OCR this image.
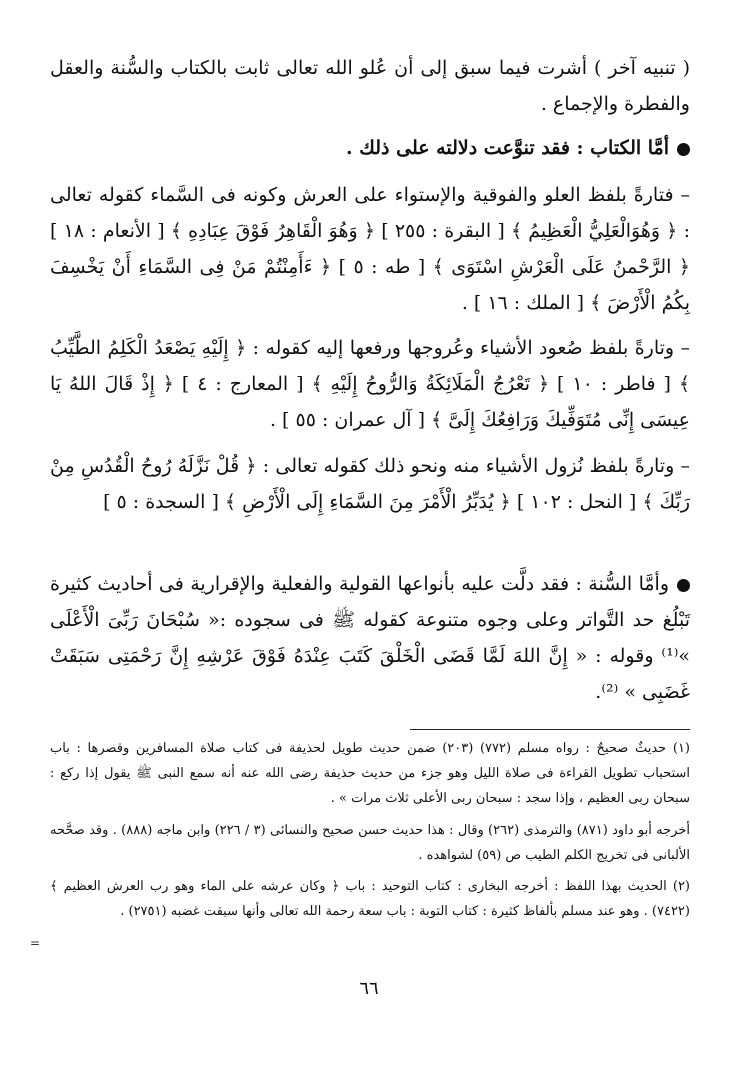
( تنبيه آخر ) أشرت فيما سبق إلى أن عُلو الله تعالى ثابت بالكتاب والسُّنة والعقل والفطرة والإجماع .

أمَّا الكتاب : فقد تنوَّعت دلالته على ذلك .

– فتارةً بلفظ العلو والفوقية والإستواء على العرش وكونه فى السَّماء كقوله تعالى : ﴿ وَهُوَالْعَلِيُّ الْعَظِيمُ ﴾ [ البقرة : ٢٥٥ ] ﴿ وَهُوَ الْقَاهِرُ فَوْقَ عِبَادِهِ ﴾ [ الأنعام : ١٨ ] ﴿ الرَّحْمنُ عَلَى الْعَرْشِ اسْتَوَى ﴾ [ طه : ٥ ] ﴿ ءَأَمِنْتُمْ مَنْ فِى السَّمَاءِ أَنْ يَخْسِفَ بِكُمُ الْأَرْضَ ﴾ [ الملك : ١٦ ] .

– وتارةً بلفظ صُعود الأشياء وعُروجها ورفعها إليه كقوله : ﴿ إِلَيْهِ يَصْعَدُ الْكَلِمُ الطَّيِّبُ ﴾ [ فاطر : ١٠ ] ﴿ تَعْرُجُ الْمَلَائِكَةُ وَالرُّوحُ إِلَيْهِ ﴾ [ المعارج : ٤ ] ﴿ إِذْ قَالَ اللهُ يَا عِيسَى إِنِّى مُتَوَفِّيكَ وَرَافِعُكَ إِلَىَّ ﴾ [ آل عمران : ٥٥ ] .

– وتارةً بلفظ نُزول الأشياء منه ونحو ذلك كقوله تعالى : ﴿ قُلْ نَزَّلَهُ رُوحُ الْقُدُسِ مِنْ رَبِّكَ ﴾ [ النحل : ١٠٢ ] ﴿ يُدَبِّرُ الْأَمْرَ مِنَ السَّمَاءِ إِلَى الْأَرْضِ ﴾ [ السجدة : ٥ ]

وأمَّا السُّنة : فقد دلَّت عليه بأنواعها القولية والفعلية والإقرارية فى أحاديث كثيرة تَبْلُغ حد التَّواتر وعلى وجوه متنوعة كقوله ﷺ فى سجوده :« سُبْحَانَ رَبِّىَ الْأَعْلَى »⁽¹⁾ وقوله : « إِنَّ اللهَ لَمَّا قَضَى الْخَلْقَ كَتَبَ عِنْدَهُ فَوْقَ عَرْشِهِ إِنَّ رَحْمَتِى سَبَقَتْ غَضَبِى » ⁽²⁾.

(١) حديثٌ صحيحٌ : رواه مسلم (٧٧٢) (٢٠٣) ضمن حديث طويل لحذيفة فى كتاب صلاة المسافرين وقصرها : باب استحباب تطويل القراءة فى صلاة الليل وهو جزء من حديث حذيفة رضى الله عنه أنه سمع النبى ﷺ يقول إذا ركع : سبحان ربى العظيم ، وإذا سجد : سبحان ربى الأعلى ثلاث مرات » .

أخرجه أبو داود (٨٧١) والترمذى (٢٦٢) وقال : هذا حديث حسن صحيح والنسائى (٣ / ٢٢٦) وابن ماجه (٨٨٨) . وقد صحَّحه الألبانى فى تخريج الكلم الطيب ص (٥٩) لشواهده .

(٢) الحديث بهذا اللفظ : أخرجه البخارى : كتاب التوحيد : باب ﴿ وكان عرشه على الماء وهو رب العرش العظيم ﴾ (٧٤٢٢) . وهو عند مسلم بألفاظ كثيرة : كتاب التوبة : باب سعة رحمة الله تعالى وأنها سبقت غضبه (٢٧٥١) .

=
٦٦
